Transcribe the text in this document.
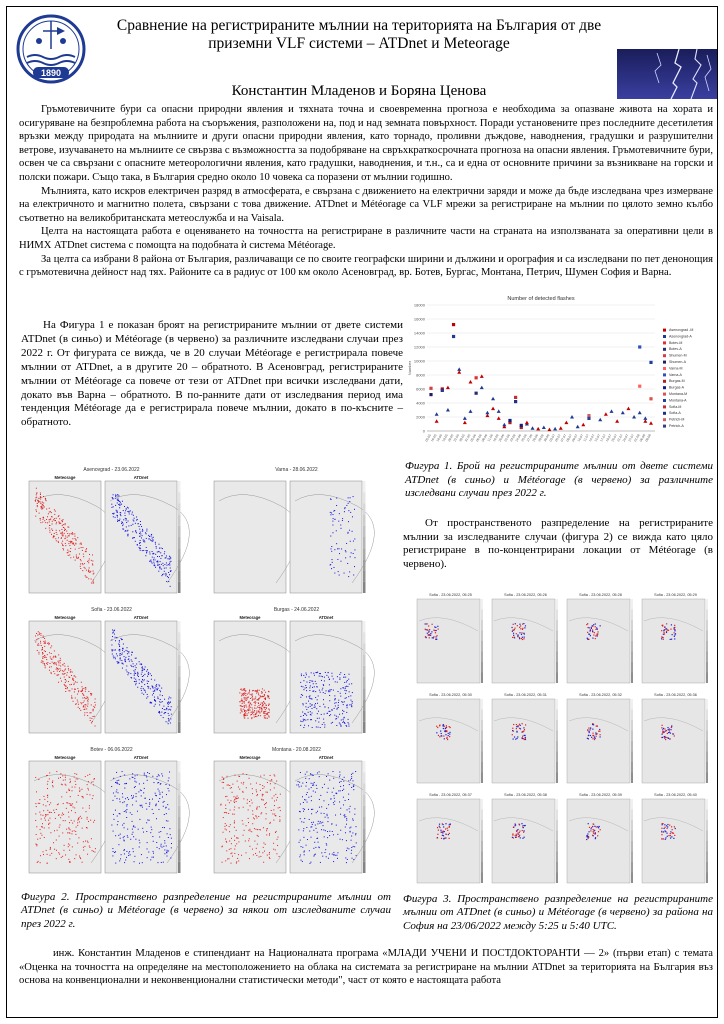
1890
Сравнение на регистрираните мълнии на територията на България от две
приземни VLF системи – ATDnet и Meteorage
Константин Младенов и Боряна Ценова

Гръмотевичните бури са опасни природни явления и тяхната точна и своевременна прогноза е необходима за опазване живота на хората и осигуряване на безпроблемна работа на съоръжения, разположени на, под и над земната повърхност. Поради установените през последните десетилетия връзки между природата на мълниите и други опасни природни явления, като торнадо, проливни дъждове, наводнения, градушки и разрушителни ветрове, изучаването на мълниите се свързва с възможността за подобряване на свръхкраткосрочната прогноза на опасни явления. Гръмотевичните бури, освен че са свързани с опасните метеорологични явления, като градушки, наводнения, и т.н., са и една от основните причини за възникване на горски и полски пожари. Също така, в България средно около 10 човека са поразени от мълнии годишно.

Мълнията, като искров електричен разряд в атмосферата, е свързана с движението на електрични заряди и може да бъде изследвана чрез измерване на електричното и магнитно полета, свързани с това движение. ATDnet и Météorage са VLF мрежи за регистриране на мълнии по цялото земно кълбо съответно на великобританската метеослужба и на Vaisala.

Целта на настоящата работа е оценяването на точността на регистриране в различните части на страната на използваната за оперативни цели в НИМХ ATDnet система с помощта на подобната ѝ система Météorage.

За целта са избрани 8 района от България, различаващи се по своите географски ширини и дължини и орография и са изследвани по пет денонощия с гръмотевична дейност над тях. Районите са в радиус от 100 км около Асеновград, вр. Ботев, Бургас, Монтана, Петрич, Шумен София и Варна.

На Фигура 1 е показан броят на регистрираните мълнии от двете системи ATDnet (в синьо) и Météorage (в червено) за различните изследвани случаи през 2022 г. От фигурата се вижда, че в 20 случаи Météorage е регистрирала повече мълнии от ATDnet, а в другите 20 – обратното. В Асеновград, регистрираните мълнии от Météorage са повече от тези от ATDnet при всички изследвани дати, докато във Варна – обратното. В по-ранните дати от изследвания период има тенденция Météorage да е регистрирала повече мълнии, докато в по-късните – обратното.

Number of detected flashes
0
2000
4000
6000
8000
10000
12000
14000
16000
18000
Number
05.05
16.05
18.05
19.05
20.05
22.05
30.05
31.05
05.06
06.06
08.06
11.06
16.06
20.06
22.06
23.06
24.06
25.06
27.06
28.06
29.06
30.06
03.07
05.07
07.07
08.07
09.07
10.07
11.07
14.07
15.07
17.07
19.07
20.07
21.07
24.07
27.07
01.08
06.08
08.08
Asenovgrad -M
Asenovgrad-A
Botev-M
Botev-A
Shumen-M
Shumen-A
Varna-M
Varna-A
Burgas-M
Burgas-A
Montana-M
Montana-A
Sofia-M
Sofia-A
Petrich-M
Petrich-A
Фигура 1. Брой на регистрираните мълнии от двете системи ATDnet (в синьо) и Météorage (в червено) за различните изследвани случаи през 2022 г.

От пространственото разпределение на регистрираните мълнии за изследваните случаи (фигура 2) се вижда като цяло регистриране в по-концентрирани локации от Météorage (в червено).

Asenovgrad - 23.06.2022
Meteorage	ATDnet
Varna - 28.06.2022
Sofia - 23.06.2022
Meteorage	ATDnet
Burgas - 24.06.2022
Meteorage	ATDnet
Botev - 06.06.2022
Meteorage	ATDnet
Montana - 20.08.2022
Meteorage	ATDnet
Фигура 2. Пространствено разпределение на регистрираните мълнии от ATDnet (в синьо) и Météorage (в червено) за някои от изследваните случаи през 2022 г.
Sofia - 23.06.2022, 05:25	Sofia - 23.06.2022, 05:26	Sofia - 23.06.2022, 05:28	Sofia - 23.06.2022, 05:29
Sofia - 23.06.2022, 05:30	Sofia - 23.06.2022, 05:31	Sofia - 23.06.2022, 05:32	Sofia - 23.06.2022, 05:36
Sofia - 23.06.2022, 05:37	Sofia - 23.06.2022, 05:38	Sofia - 23.06.2022, 05:39	Sofia - 23.06.2022, 05:40
Фигура 3. Пространствено разпределение на регистрираните мълнии от ATDnet (в синьо) и Météorage (в червено) за района на София на 23/06/2022 между 5:25 и 5:40 UTC.

инж. Константин Младенов е стипендиант на Националната програма «МЛАДИ УЧЕНИ И ПОСТДОКТОРАНТИ — 2» (първи етап) с темата «Оценка на точността на определяне на местоположението на облака на системата за регистриране на мълнии ATDnet за територията на България въз основа на конвенционални и неконвенционални статистически методи", част от която е настоящата работа
